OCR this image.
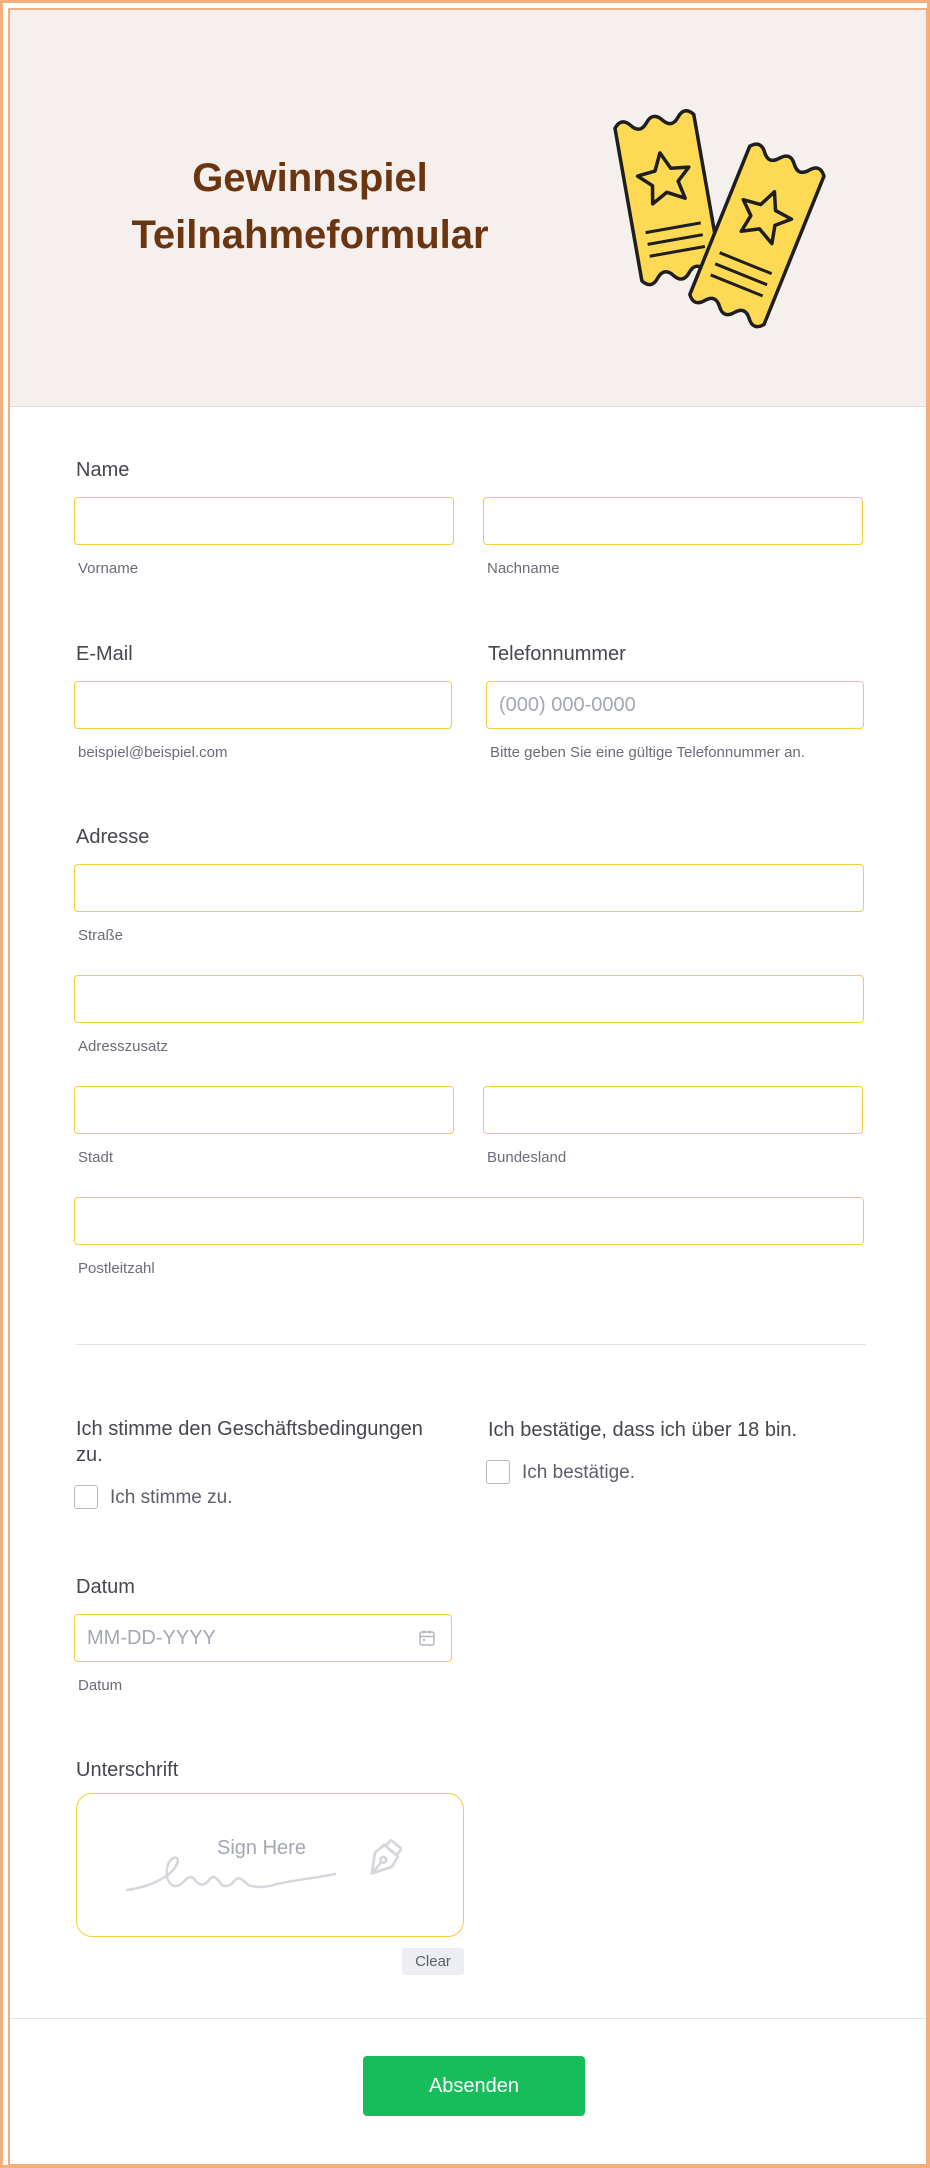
Gewinnspiel
Teilnahmeformular
Name
Vorname	Nachname
E-Mail	Telefonnummer
(000) 000-0000
beispiel@beispiel.com	Bitte geben Sie eine gültige Telefonnummer an.
Adresse
Straße
Adresszusatz
Stadt	Bundesland
Postleitzahl
Ich stimme den Geschäftsbedingungen
zu.
Ich stimme zu.
Ich bestätige, dass ich über 18 bin.
Ich bestätige.
Datum
MM-DD-YYYY
Datum
Unterschrift
Sign Here
Clear
Absenden
